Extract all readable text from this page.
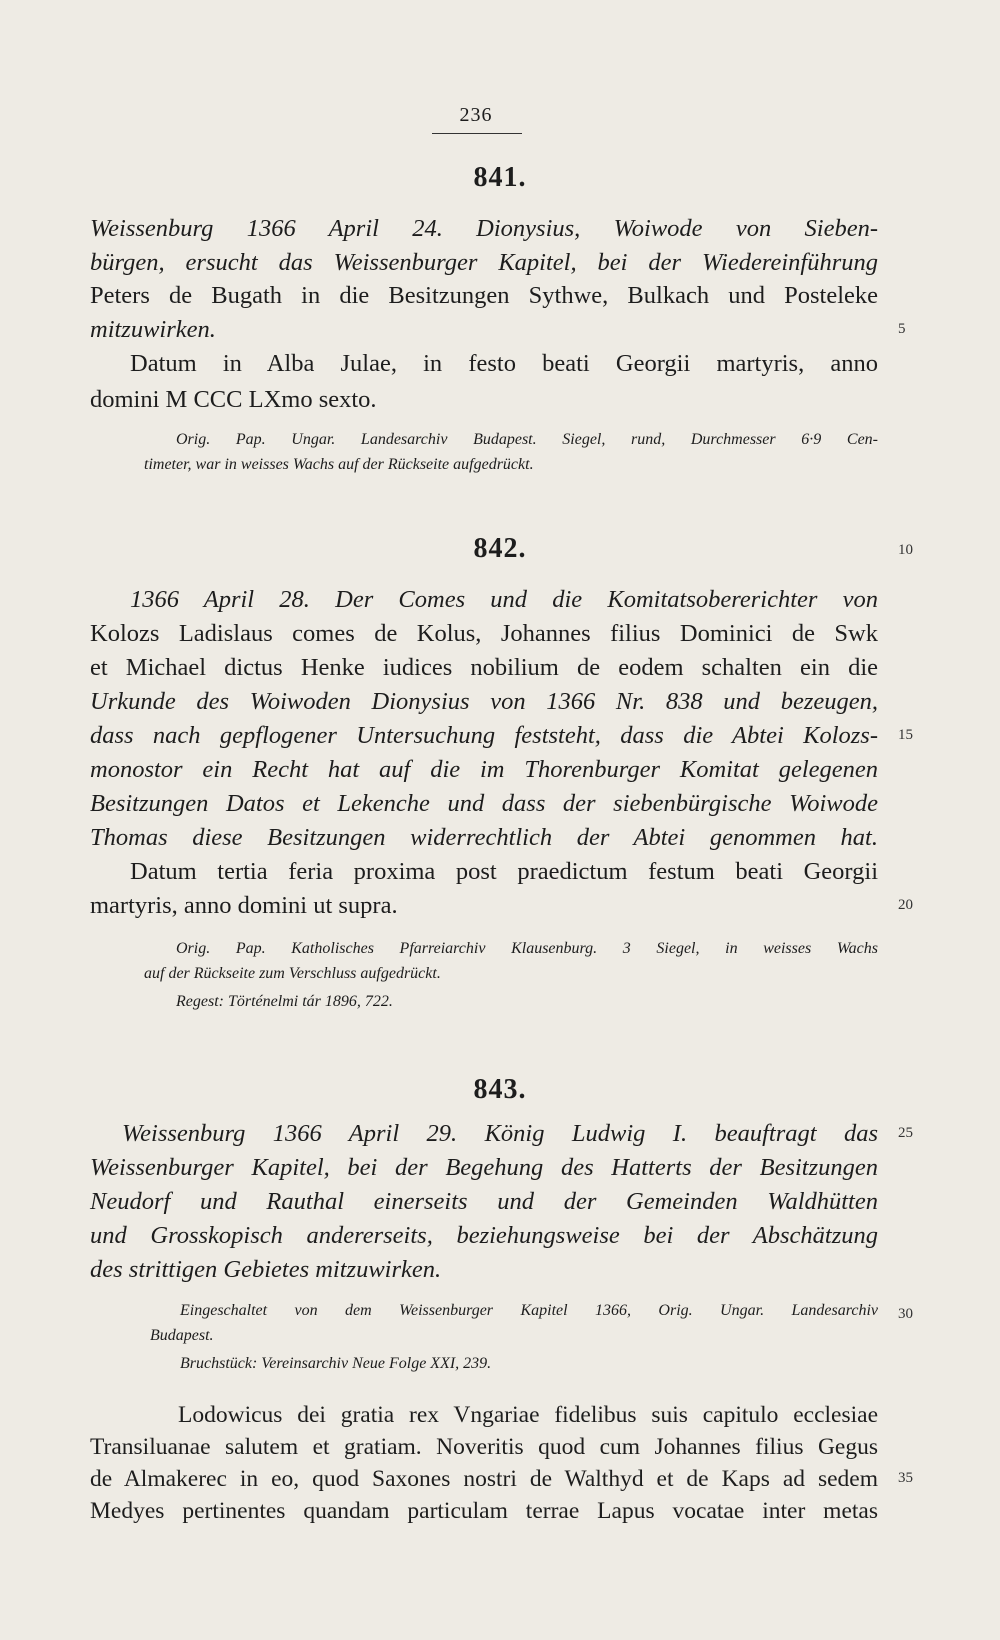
236
841.
Weissenburg 1366 April 24. Dionysius, Woiwode von Sieben-
bürgen, ersucht das Weissenburger Kapitel, bei der Wiedereinführung
Peters de Bugath in die Besitzungen Sythwe, Bulkach und Posteleke
mitzuwirken.
Datum in Alba Julae, in festo beati Georgii martyris, anno
domini M CCC LXmo sexto.
Orig. Pap. Ungar. Landesarchiv Budapest. Siegel, rund, Durchmesser 6·9 Cen-
timeter, war in weisses Wachs auf der Rückseite aufgedrückt.
842.
1366 April 28. Der Comes und die Komitatsobererichter von
Kolozs Ladislaus comes de Kolus, Johannes filius Dominici de Swk
et Michael dictus Henke iudices nobilium de eodem schalten ein die
Urkunde des Woiwoden Dionysius von 1366 Nr. 838 und bezeugen,
dass nach gepflogener Untersuchung feststeht, dass die Abtei Kolozs-
monostor ein Recht hat auf die im Thorenburger Komitat gelegenen
Besitzungen Datos et Lekenche und dass der siebenbürgische Woiwode
Thomas diese Besitzungen widerrechtlich der Abtei genommen hat.
Datum tertia feria proxima post praedictum festum beati Georgii
martyris, anno domini ut supra.
Orig. Pap. Katholisches Pfarreiarchiv Klausenburg. 3 Siegel, in weisses Wachs
auf der Rückseite zum Verschluss aufgedrückt.
Regest: Történelmi tár 1896, 722.
843.
Weissenburg 1366 April 29. König Ludwig I. beauftragt das
Weissenburger Kapitel, bei der Begehung des Hatterts der Besitzungen
Neudorf und Rauthal einerseits und der Gemeinden Waldhütten
und Grosskopisch andererseits, beziehungsweise bei der Abschätzung
des strittigen Gebietes mitzuwirken.
Eingeschaltet von dem Weissenburger Kapitel 1366, Orig. Ungar. Landesarchiv
Budapest.
Bruchstück: Vereinsarchiv Neue Folge XXI, 239.
Lodowicus dei gratia rex Vngariae fidelibus suis capitulo ecclesiae
Transiluanae salutem et gratiam. Noveritis quod cum Johannes filius Gegus
de Almakerec in eo, quod Saxones nostri de Walthyd et de Kaps ad sedem
Medyes pertinentes quandam particulam terrae Lapus vocatae inter metas
5
10
15
20
25
30
35
